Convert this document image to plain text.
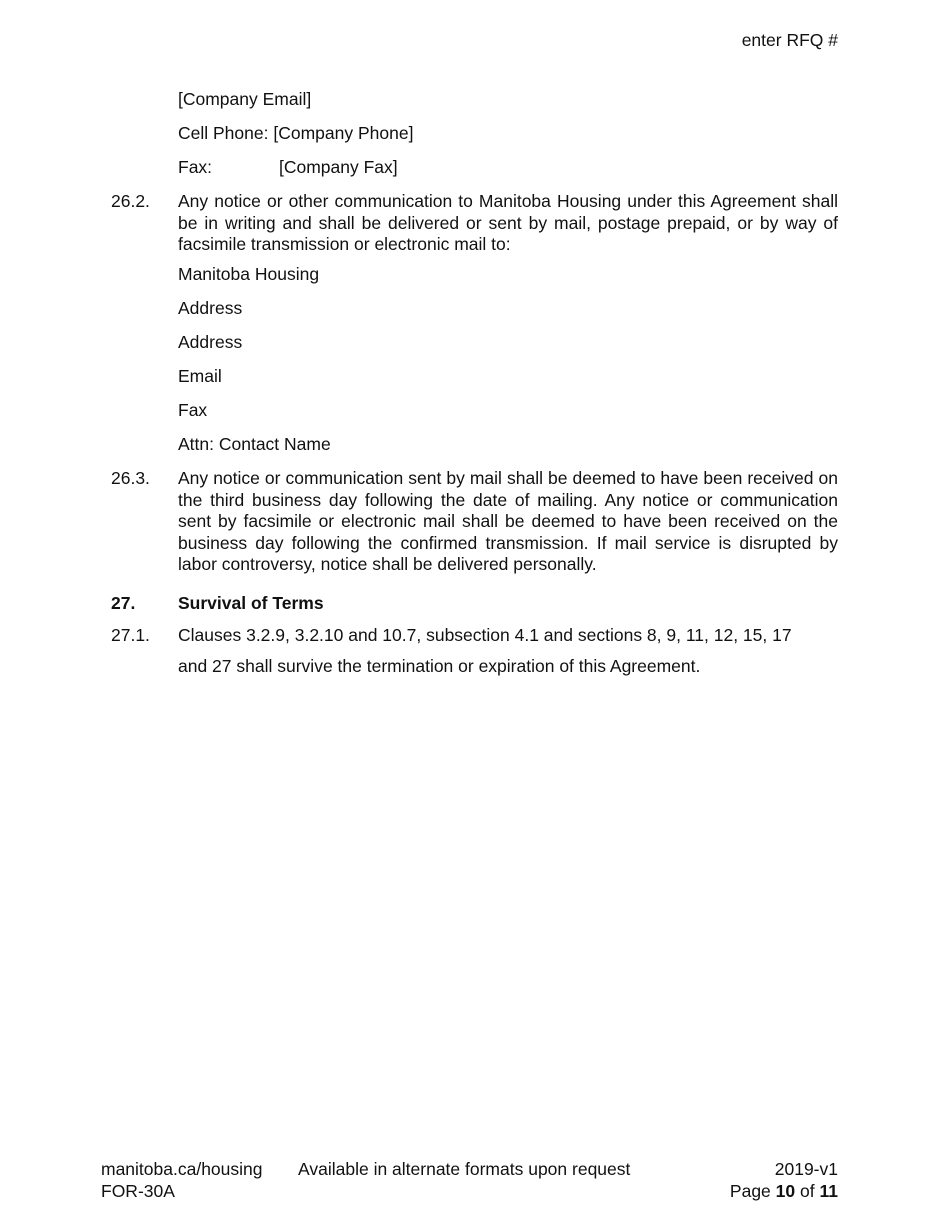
enter RFQ #
[Company Email]
Cell Phone: [Company Phone]
Fax:	[Company Fax]
26.2. Any notice or other communication to Manitoba Housing under this Agreement shall be in writing and shall be delivered or sent by mail, postage prepaid, or by way of facsimile transmission or electronic mail to:
Manitoba Housing
Address
Address
Email
Fax
Attn: Contact Name
26.3. Any notice or communication sent by mail shall be deemed to have been received on the third business day following the date of mailing. Any notice or communication sent by facsimile or electronic mail shall be deemed to have been received on the business day following the confirmed transmission. If mail service is disrupted by labor controversy, notice shall be delivered personally.
27. Survival of Terms
27.1. Clauses 3.2.9, 3.2.10 and 10.7, subsection 4.1 and sections 8, 9, 11, 12, 15, 17
and 27 shall survive the termination or expiration of this Agreement.
manitoba.ca/housing Available in alternate formats upon request	2019-v1
FOR-30A	Page 10 of 11
